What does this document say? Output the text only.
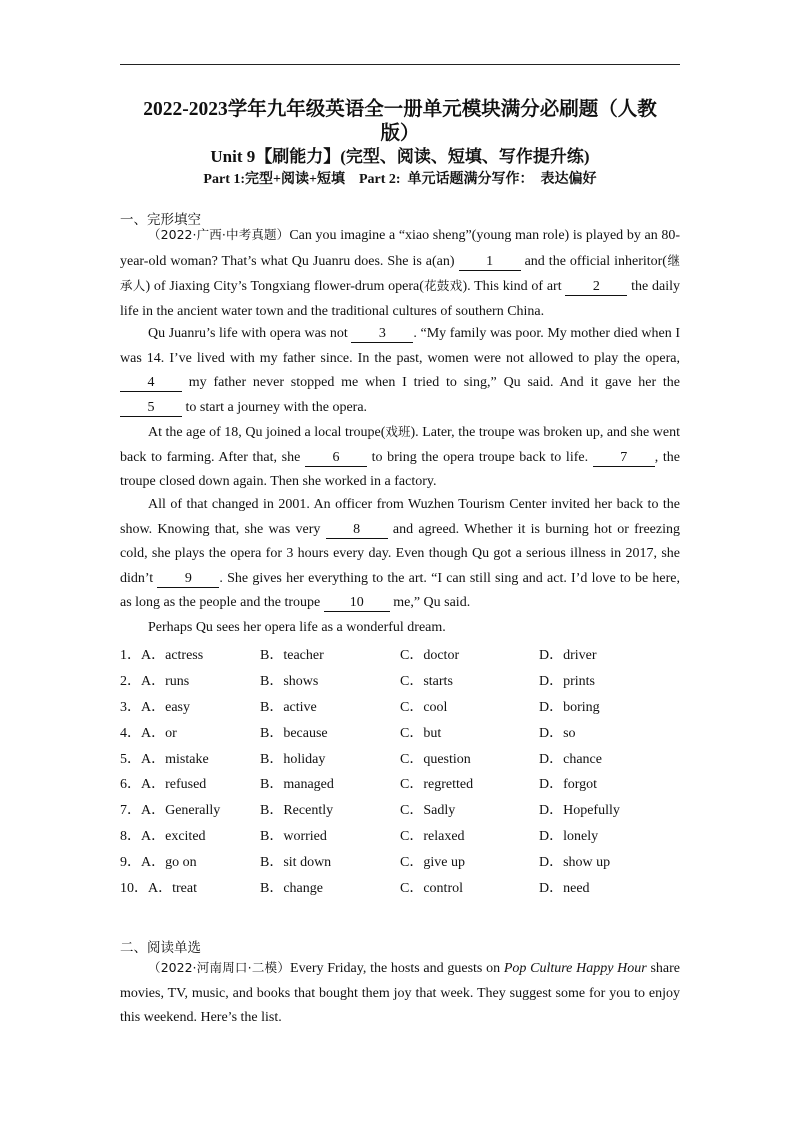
2022-2023学年九年级英语全一册单元模块满分必刷题（人教
版）
Unit 9【刷能力】(完型、阅读、短填、写作提升练)
Part 1:完型+阅读+短填    Part 2:  单元话题满分写作：  表达偏好
一、完形填空
（2022·广西·中考真题）Can you imagine a “xiao sheng”(young man role) is played by an 80-year-old woman? That’s what Qu Juanru does. She is a(an) 1 and the official inheritor(继承人) of Jiaxing City’s Tongxiang flower-drum opera(花鼓戏). This kind of art 2 the daily life in the ancient water town and the traditional cultures of southern China.
Qu Juanru’s life with opera was not 3 . “My family was poor. My mother died when I was 14. I’ve lived with my father since. In the past, women were not allowed to play the opera, 4 my father never stopped me when I tried to sing,” Qu said. And it gave her the 5 to start a journey with the opera.
At the age of 18, Qu joined a local troupe(戏班). Later, the troupe was broken up, and she went back to farming. After that, she 6 to bring the opera troupe back to life. 7 , the troupe closed down again. Then she worked in a factory.
All of that changed in 2001. An officer from Wuzhen Tourism Center invited her back to the show. Knowing that, she was very 8 and agreed. Whether it is burning hot or freezing cold, she plays the opera for 3 hours every day. Even though Qu got a serious illness in 2017, she didn’t 9 . She gives her everything to the art. “I can still sing and act. I’d love to be here, as long as the people and the troupe 10 me,” Qu said.
Perhaps Qu sees her opera life as a wonderful dream.
1．A．actress	B．teacher	C．doctor	D．driver
2．A．runs	B．shows	C．starts	D．prints
3．A．easy	B．active	C．cool	D．boring
4．A．or	B．because	C．but	D．so
5．A．mistake	B．holiday	C．question	D．chance
6．A．refused	B．managed	C．regretted	D．forgot
7．A．Generally	B．Recently	C．Sadly	D．Hopefully
8．A．excited	B．worried	C．relaxed	D．lonely
9．A．go on	B．sit down	C．give up	D．show up
10．A．treat	B．change	C．control	D．need
二、阅读单选
（2022·河南周口·二模）Every Friday, the hosts and guests on Pop Culture Happy Hour share movies, TV, music, and books that bought them joy that week. They suggest some for you to enjoy this weekend. Here’s the list.
